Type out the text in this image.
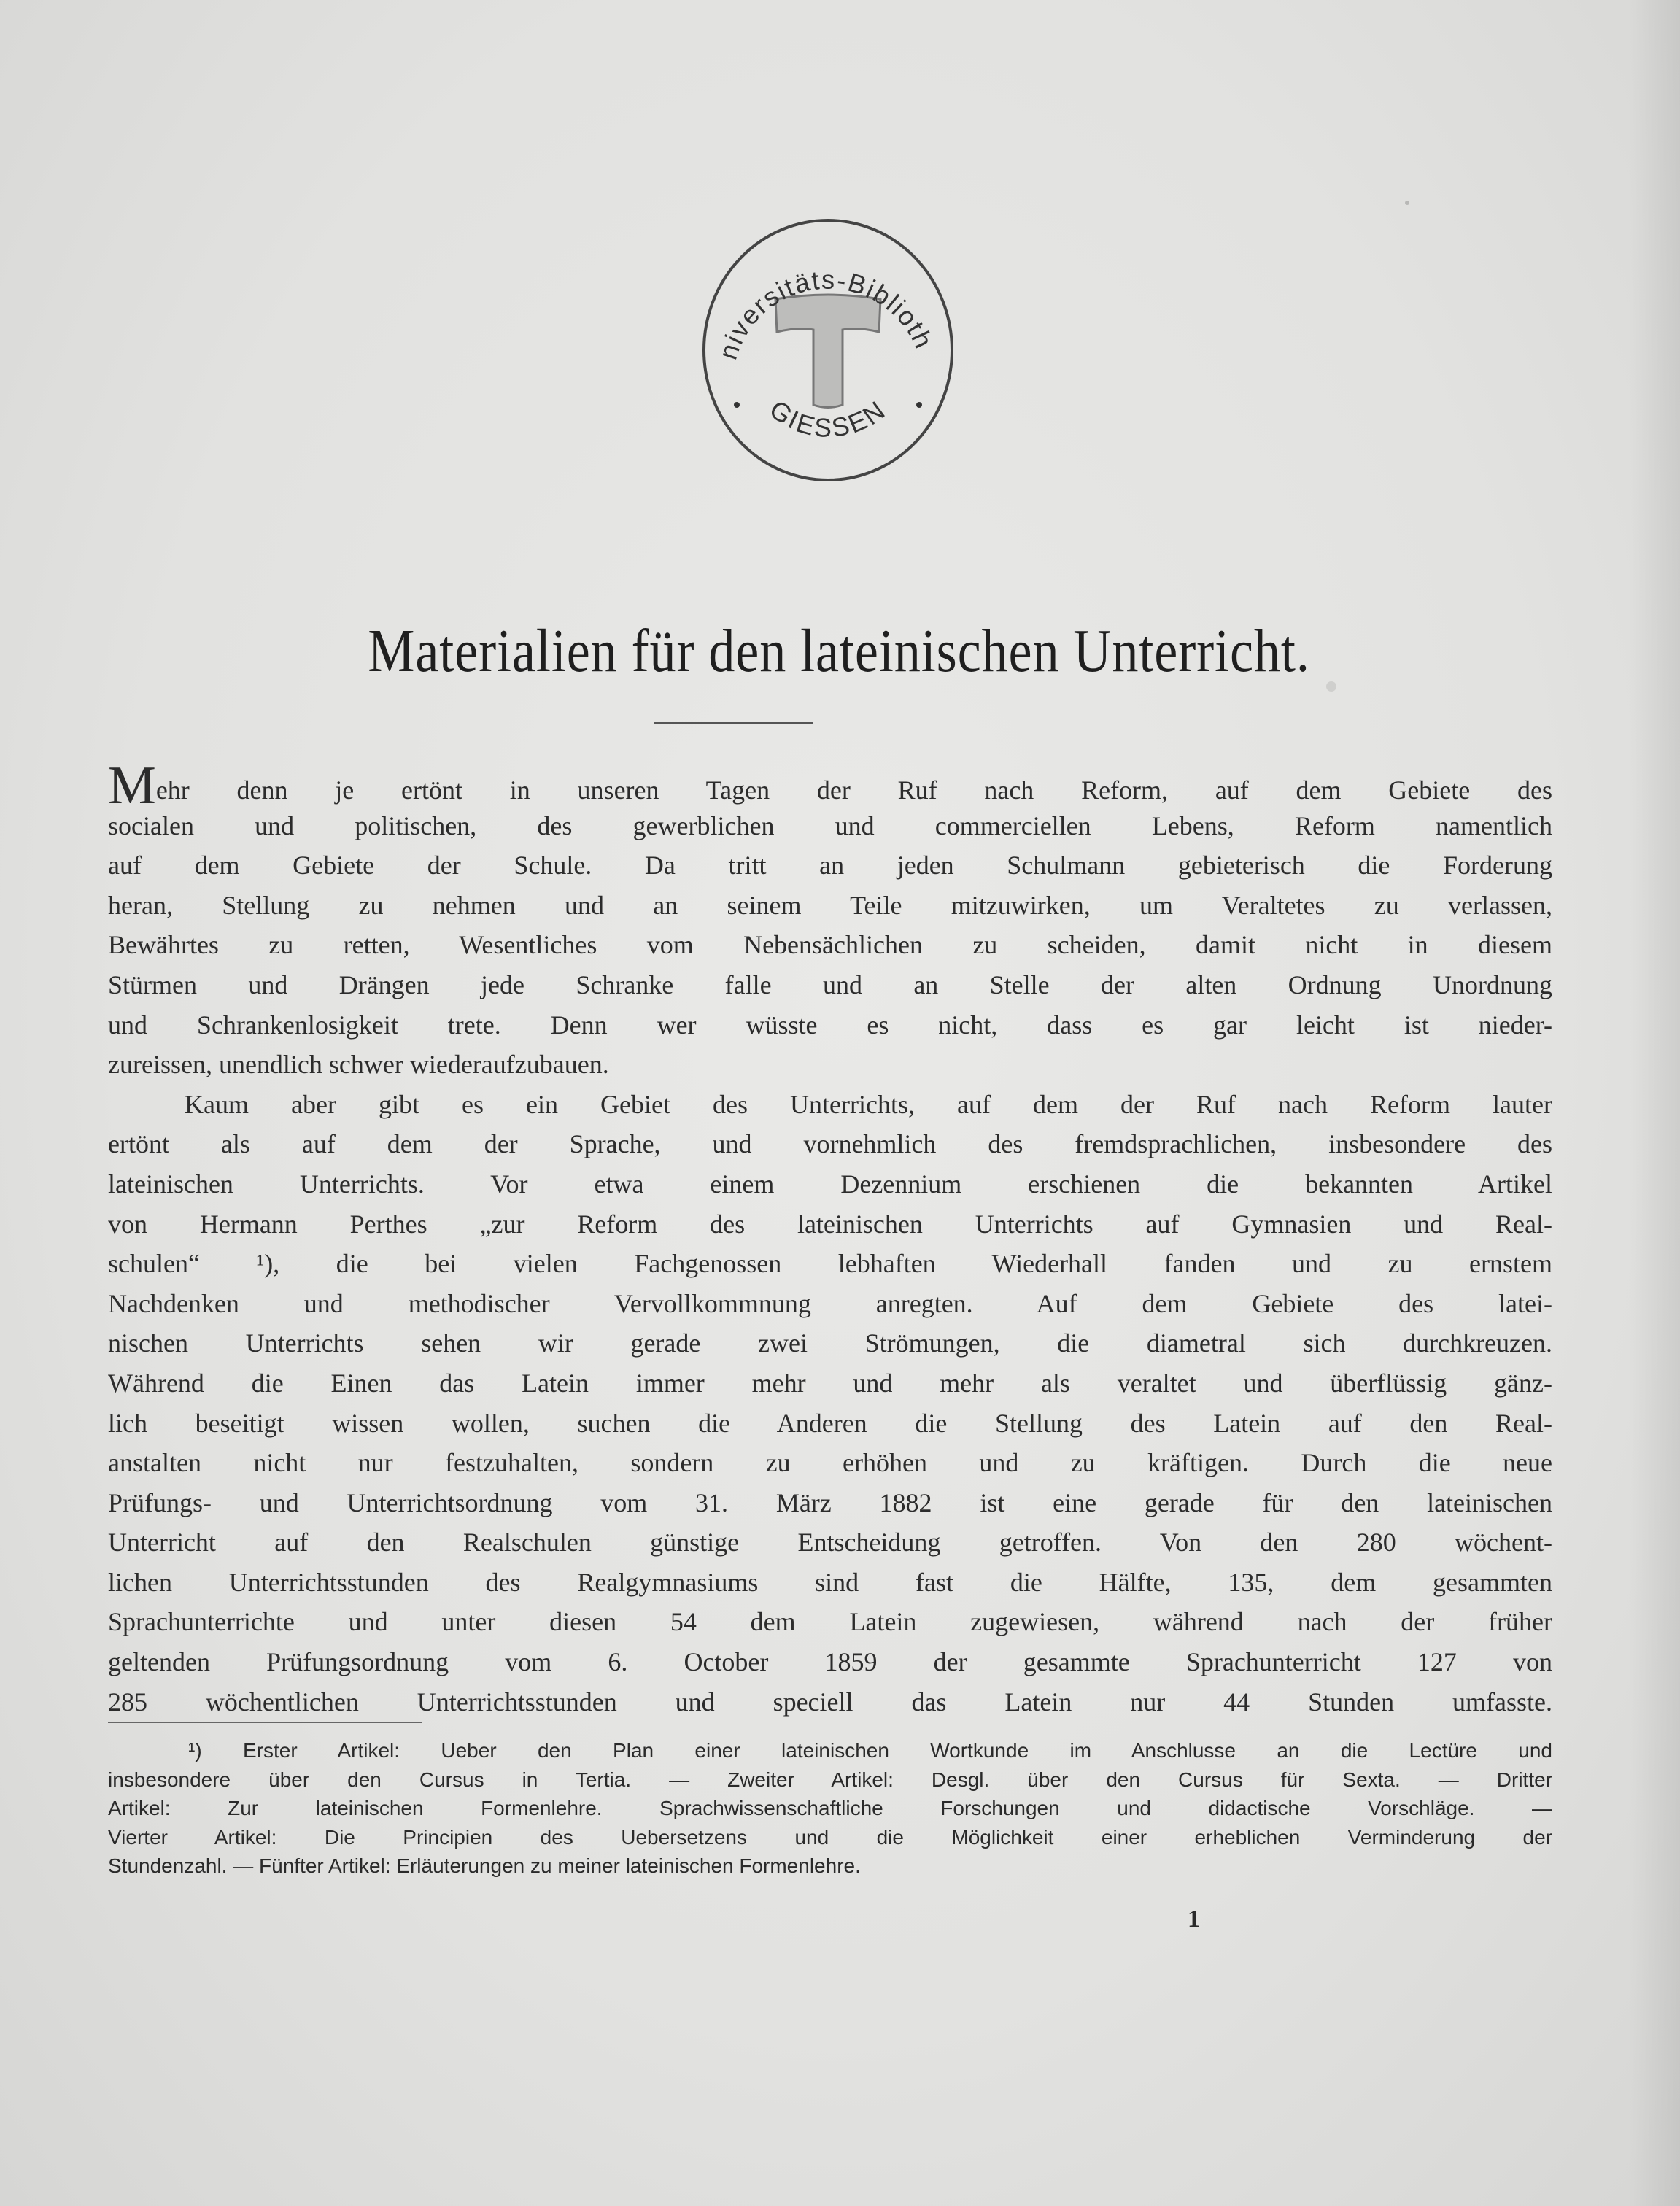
niversitäts-Biblioth
GIESSEN
Materialien für den lateinischen Unterricht.
Mehr denn je ertönt in unseren Tagen der Ruf nach Reform, auf dem Gebiete des
socialen und politischen, des gewerblichen und commerciellen Lebens, Reform namentlich
auf dem Gebiete der Schule. Da tritt an jeden Schulmann gebieterisch die Forderung
heran, Stellung zu nehmen und an seinem Teile mitzuwirken, um Veraltetes zu verlassen,
Bewährtes zu retten, Wesentliches vom Nebensächlichen zu scheiden, damit nicht in diesem
Stürmen und Drängen jede Schranke falle und an Stelle der alten Ordnung Unordnung
und Schrankenlosigkeit trete. Denn wer wüsste es nicht, dass es gar leicht ist nieder-
zureissen, unendlich schwer wiederaufzubauen.
Kaum aber gibt es ein Gebiet des Unterrichts, auf dem der Ruf nach Reform lauter
ertönt als auf dem der Sprache, und vornehmlich des fremdsprachlichen, insbesondere des
lateinischen Unterrichts. Vor etwa einem Dezennium erschienen die bekannten Artikel
von Hermann Perthes „zur Reform des lateinischen Unterrichts auf Gymnasien und Real-
schulen“ ¹), die bei vielen Fachgenossen lebhaften Wiederhall fanden und zu ernstem
Nachdenken und methodischer Vervollkommnung anregten. Auf dem Gebiete des latei-
nischen Unterrichts sehen wir gerade zwei Strömungen, die diametral sich durchkreuzen.
Während die Einen das Latein immer mehr und mehr als veraltet und überflüssig gänz-
lich beseitigt wissen wollen, suchen die Anderen die Stellung des Latein auf den Real-
anstalten nicht nur festzuhalten, sondern zu erhöhen und zu kräftigen. Durch die neue
Prüfungs- und Unterrichtsordnung vom 31. März 1882 ist eine gerade für den lateinischen
Unterricht auf den Realschulen günstige Entscheidung getroffen. Von den 280 wöchent-
lichen Unterrichtsstunden des Realgymnasiums sind fast die Hälfte, 135, dem gesammten
Sprachunterrichte und unter diesen 54 dem Latein zugewiesen, während nach der früher
geltenden Prüfungsordnung vom 6. October 1859 der gesammte Sprachunterricht 127 von
285 wöchentlichen Unterrichtsstunden und speciell das Latein nur 44 Stunden umfasste.
¹) Erster Artikel: Ueber den Plan einer lateinischen Wortkunde im Anschlusse an die Lectüre und
insbesondere über den Cursus in Tertia. — Zweiter Artikel: Desgl. über den Cursus für Sexta. — Dritter
Artikel: Zur lateinischen Formenlehre. Sprachwissenschaftliche Forschungen und didactische Vorschläge. —
Vierter Artikel: Die Principien des Uebersetzens und die Möglichkeit einer erheblichen Verminderung der
Stundenzahl. — Fünfter Artikel: Erläuterungen zu meiner lateinischen Formenlehre.
1
